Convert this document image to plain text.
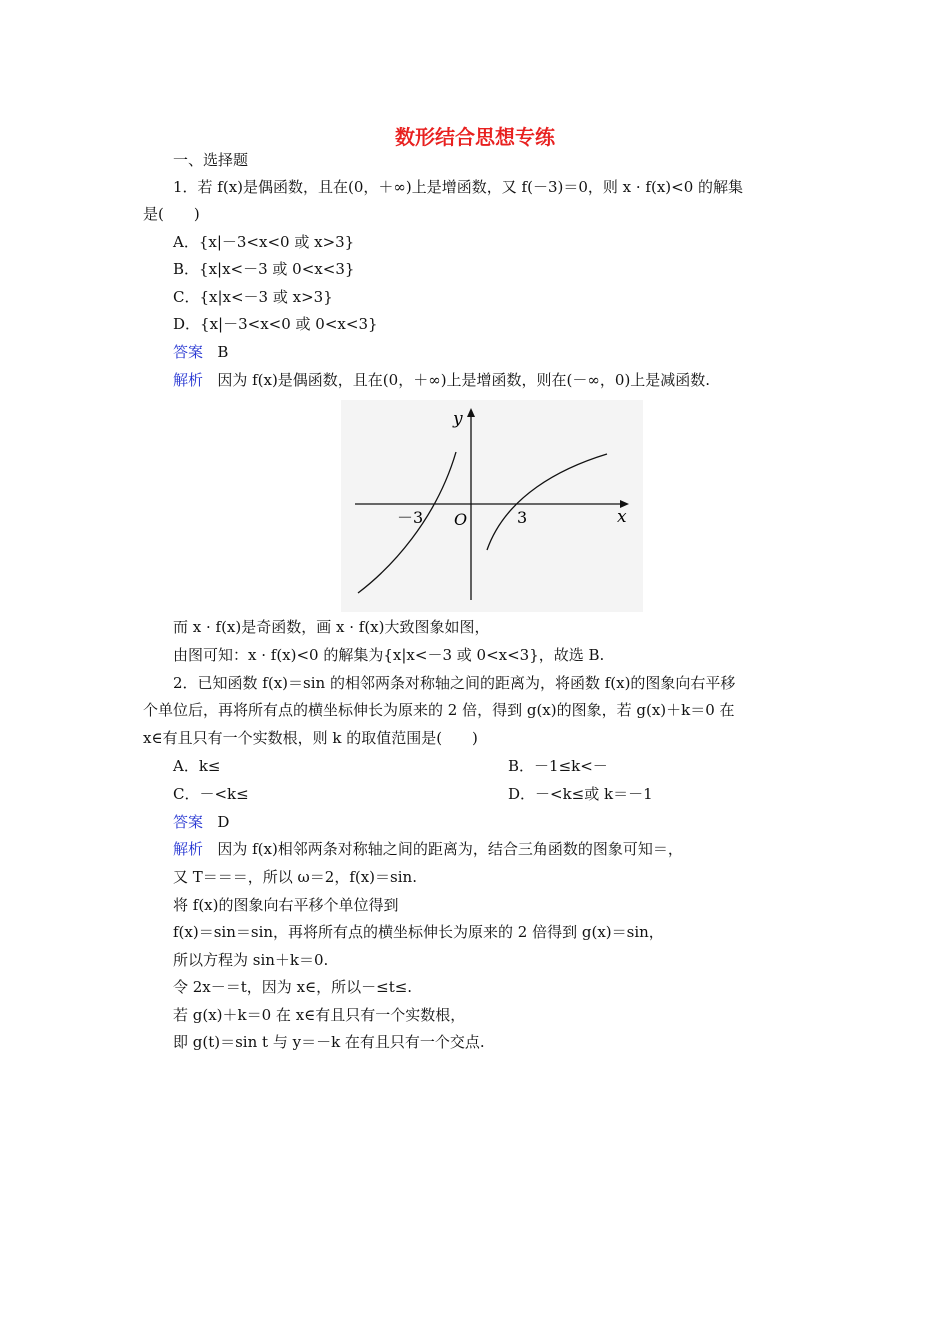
数形结合思想专练
一、选择题
1．若 f(x)是偶函数，且在(0，＋∞)上是增函数，又 f(－3)＝0，则 x · f(x)<0 的解集
是(　　)
A．{x|－3<x<0 或 x>3}
B．{x|x<－3 或 0<x<3}
C．{x|x<－3 或 x>3}
D．{x|－3<x<0 或 0<x<3}
答案 B
解析 因为 f(x)是偶函数，且在(0，＋∞)上是增函数，则在(－∞，0)上是减函数.
y
x
O
－3	3
而 x · f(x)是奇函数，画 x · f(x)大致图象如图，
由图可知：x · f(x)<0 的解集为{x|x<－3 或 0<x<3}，故选 B.
2．已知函数 f(x)＝sin 的相邻两条对称轴之间的距离为，将函数 f(x)的图象向右平移
个单位后，再将所有点的横坐标伸长为原来的 2 倍，得到 g(x)的图象，若 g(x)＋k＝0 在
x∈有且只有一个实数根，则 k 的取值范围是(　　)
A．k≤	B．－1≤k<－
C．－<k≤	D．－<k≤或 k＝－1
答案 D
解析 因为 f(x)相邻两条对称轴之间的距离为，结合三角函数的图象可知＝，
又 T＝＝＝，所以 ω＝2，f(x)＝sin.
将 f(x)的图象向右平移个单位得到
f(x)＝sin＝sin，再将所有点的横坐标伸长为原来的 2 倍得到 g(x)＝sin，
所以方程为 sin＋k＝0.
令 2x－＝t，因为 x∈，所以－≤t≤.
若 g(x)＋k＝0 在 x∈有且只有一个实数根，
即 g(t)＝sin t 与 y＝－k 在有且只有一个交点.
